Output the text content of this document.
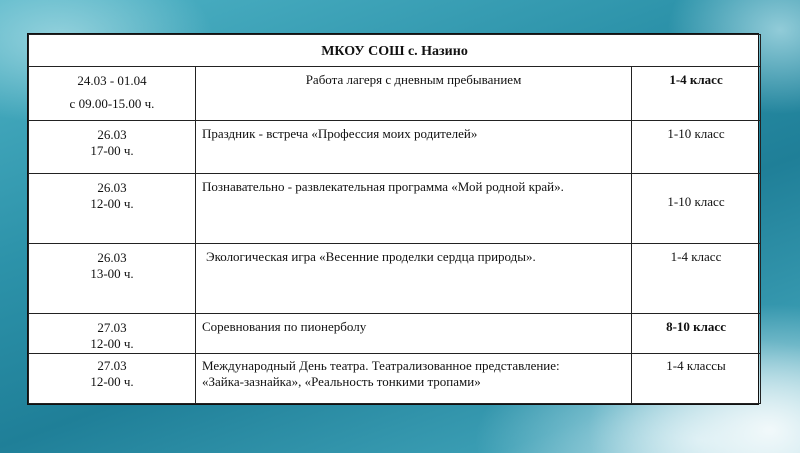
МКОУ СОШ с. Назино		

24.03 - 01.04
с 09.00-15.00 ч.	Работа лагеря с дневным пребыванием	1-4 класс

26.03
17-00 ч.	Праздник - встреча «Профессия моих родителей»	1-10 класс

26.03
12-00 ч.	Познавательно - развлекательная программа «Мой родной край».	1-10 класс

26.03
13-00 ч.	Экологическая игра «Весенние проделки сердца природы».	1-4 класс

27.03
12-00 ч.	Соревнования по пионерболу	8-10 класс

27.03
12-00 ч.	Международный День театра. Театрализованное представление:
«Зайка-зазнайка», «Реальность тонкими тропами»	1-4 классы
